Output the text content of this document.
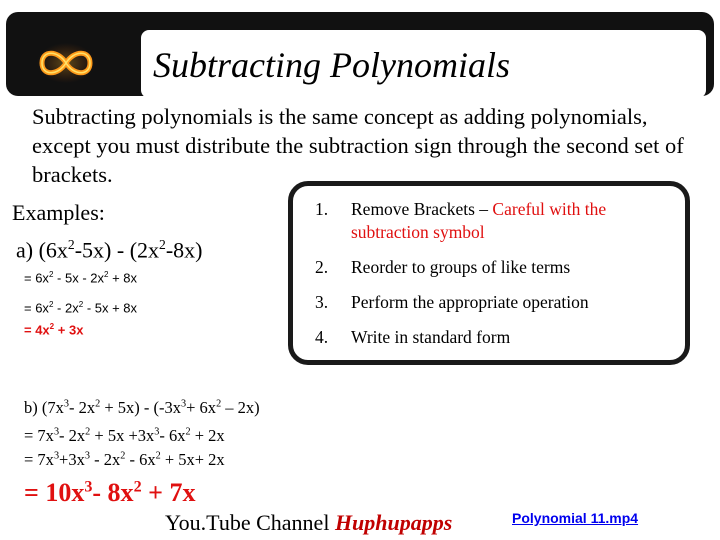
Subtracting Polynomials
Subtracting polynomials is the same concept as adding polynomials, except you must distribute the subtraction sign through the second set of brackets.
Examples:
a) $(6x^2-5x) - (2x^2-8x)$
= $6x^2 - 5x - 2x^2 + 8x$
= $6x^2 - 2x^2 - 5x + 8x$
= $4x^2 + 3x$
1. Remove Brackets – Careful with the subtraction symbol
2. Reorder to groups of like terms
3. Perform the appropriate operation
4. Write in standard form
b) ($7x^3-$ $2x^2 + 5x) - (-3x^3+ 6x^2 - 2x)$
= $7x^3-$ $2x^2 + 5x +3x^3-$ $6x^2 + 2x$
= $7x^3+3x^3 - 2x^2 - 6x^2 + 5x+ 2x$
= $10x^3-$ $8x^2 + 7x$
You.Tube Channel Huphupapps	Polynomial 11.mp4
